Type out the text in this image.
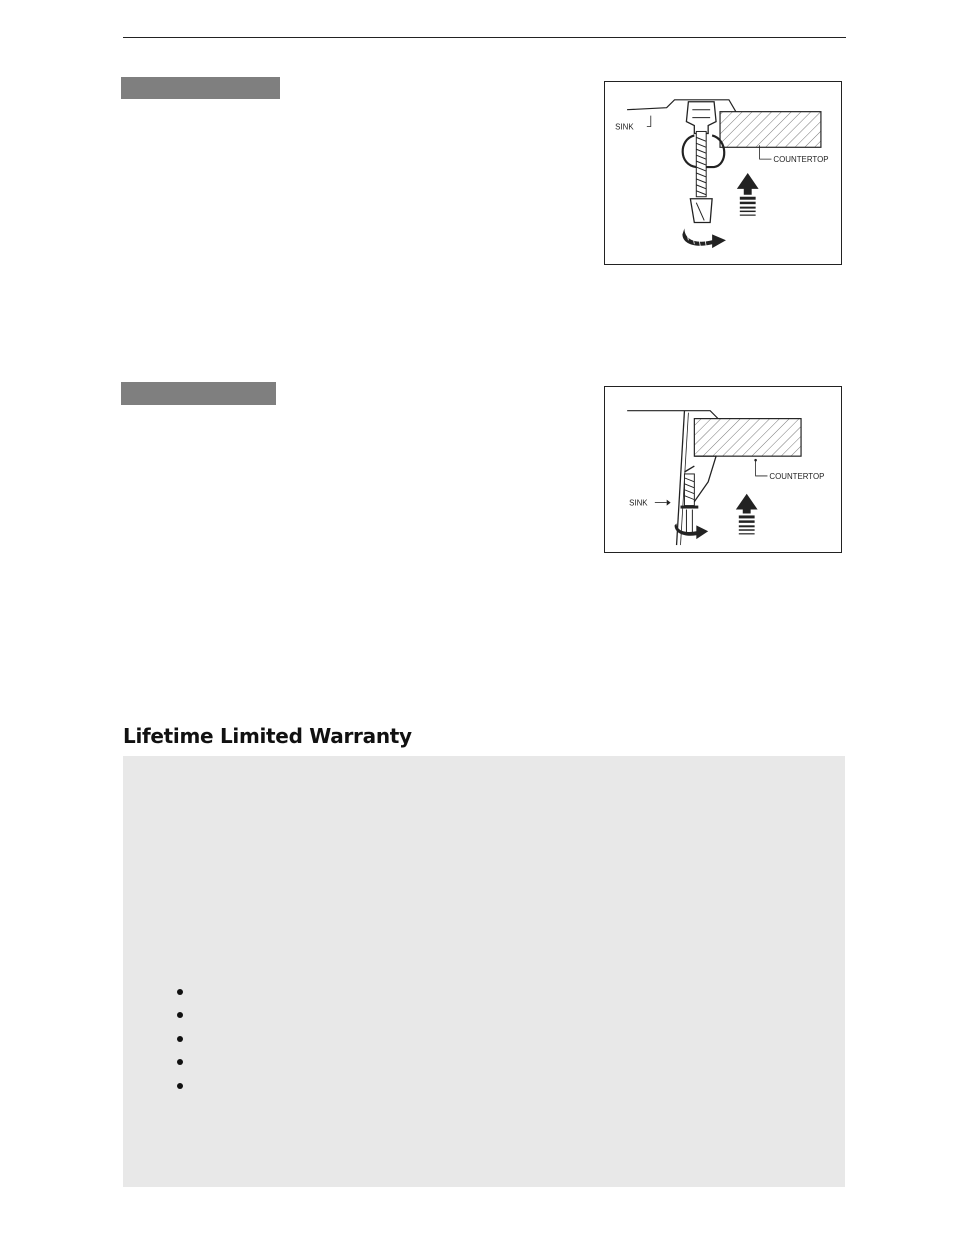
SINK
COUNTERTOP
SINK
COUNTERTOP
Lifetime Limited Warranty
